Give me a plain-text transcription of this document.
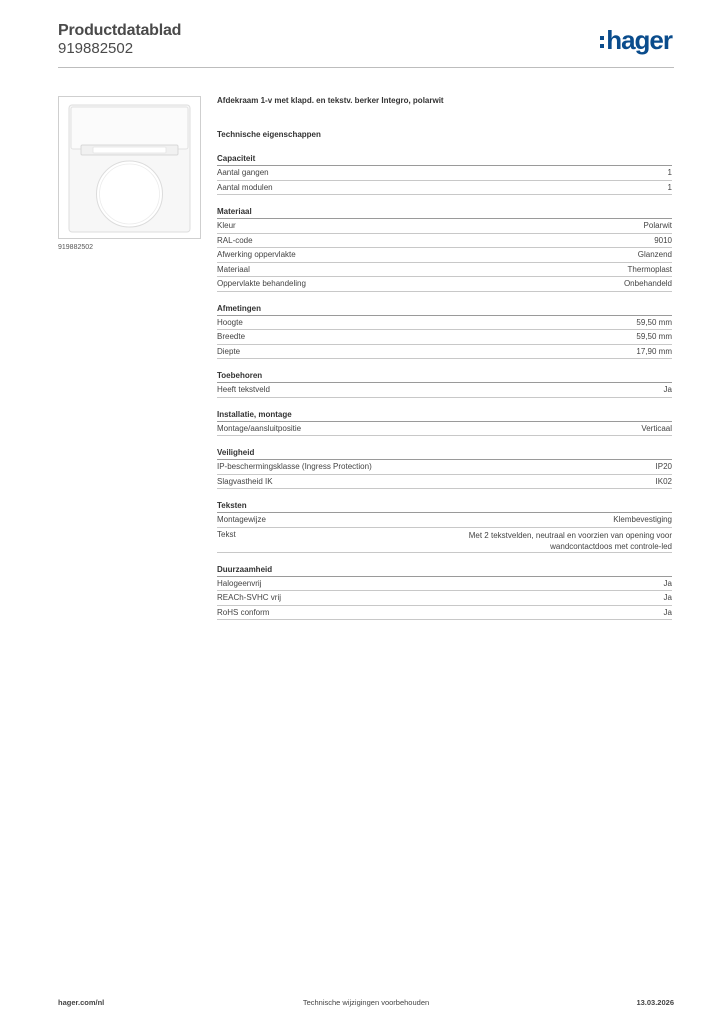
Productdatablad
919882502	hager
919882502
Afdekraam 1-v met klapd. en tekstv. berker Integro, polarwit
Technische eigenschappen
Capaciteit
Aantal gangen	1
Aantal modulen	1
Materiaal
Kleur	Polarwit
RAL-code	9010
Afwerking oppervlakte	Glanzend
Materiaal	Thermoplast
Oppervlakte behandeling	Onbehandeld
Afmetingen
Hoogte	59,50 mm
Breedte	59,50 mm
Diepte	17,90 mm
Toebehoren
Heeft tekstveld	Ja
Installatie, montage
Montage/aansluitpositie	Verticaal
Veiligheid
IP-beschermingsklasse (Ingress Protection)	IP20
Slagvastheid IK	IK02
Teksten
Montagewijze	Klembevestiging
Tekst	Met 2 tekstvelden, neutraal en voorzien van opening voor wandcontactdoos met controle-led
Duurzaamheid
Halogeenvrij	Ja
REACh-SVHC vrij	Ja
RoHS conform	Ja
hager.com/nl	Technische wijzigingen voorbehouden	13.03.2026
